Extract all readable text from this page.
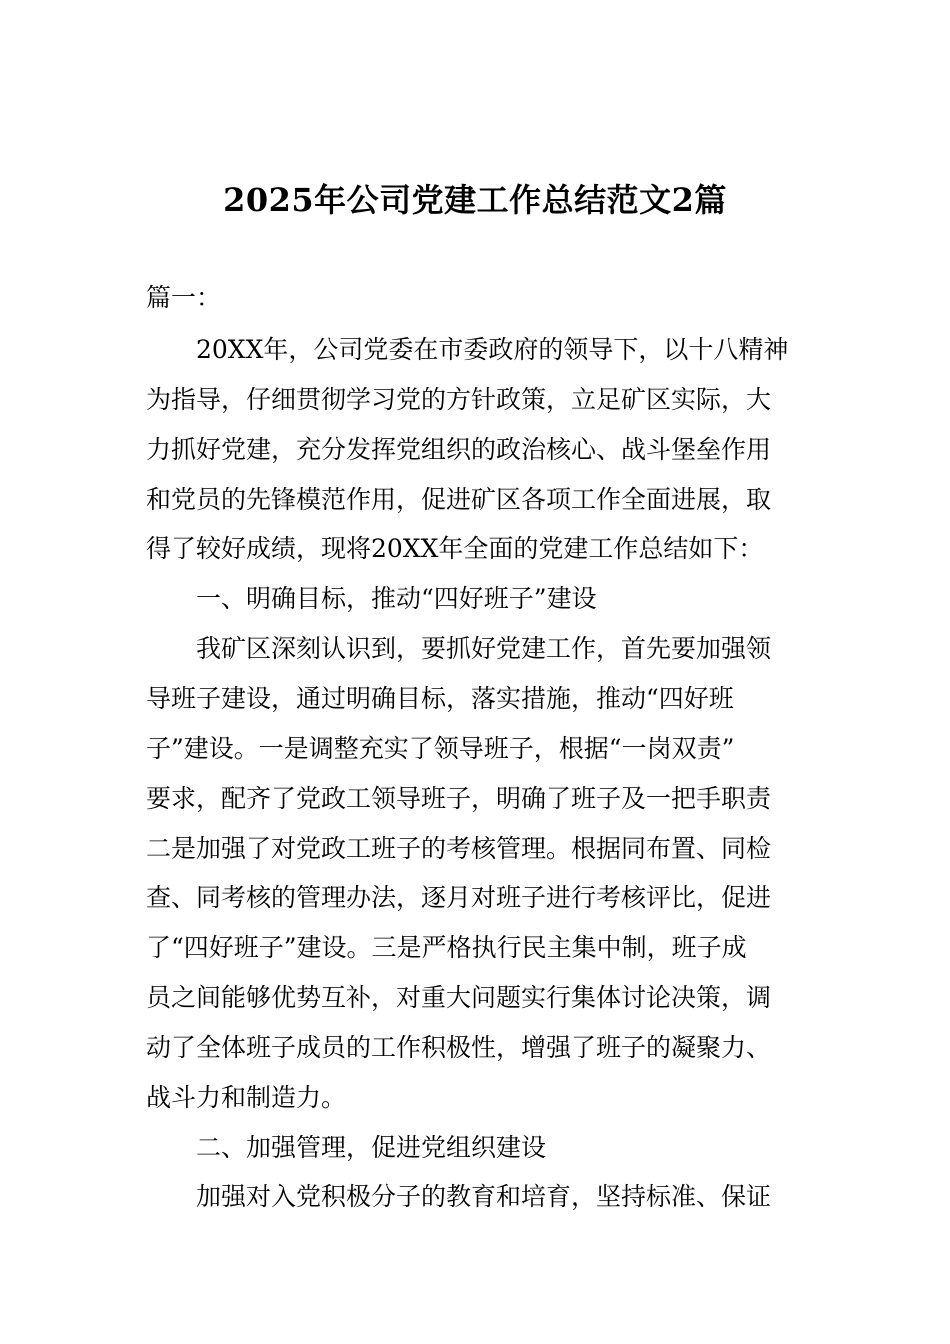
2025年公司党建工作总结范文2篇
篇一：
20XX年，公司党委在市委政府的领导下，以十八精神
为指导，仔细贯彻学习党的方针政策，立足矿区实际，大
力抓好党建，充分发挥党组织的政治核心、战斗堡垒作用
和党员的先锋模范作用，促进矿区各项工作全面进展，取
得了较好成绩，现将20XX年全面的党建工作总结如下：
一、明确目标，推动“四好班子”建设
我矿区深刻认识到，要抓好党建工作，首先要加强领
导班子建设，通过明确目标，落实措施，推动“四好班
子”建设。一是调整充实了领导班子，根据“一岗双责”
要求，配齐了党政工领导班子，明确了班子及一把手职责
二是加强了对党政工班子的考核管理。根据同布置、同检
查、同考核的管理办法，逐月对班子进行考核评比，促进
了“四好班子”建设。三是严格执行民主集中制，班子成
员之间能够优势互补，对重大问题实行集体讨论决策，调
动了全体班子成员的工作积极性，增强了班子的凝聚力、
战斗力和制造力。
二、加强管理，促进党组织建设
加强对入党积极分子的教育和培育，坚持标准、保证
